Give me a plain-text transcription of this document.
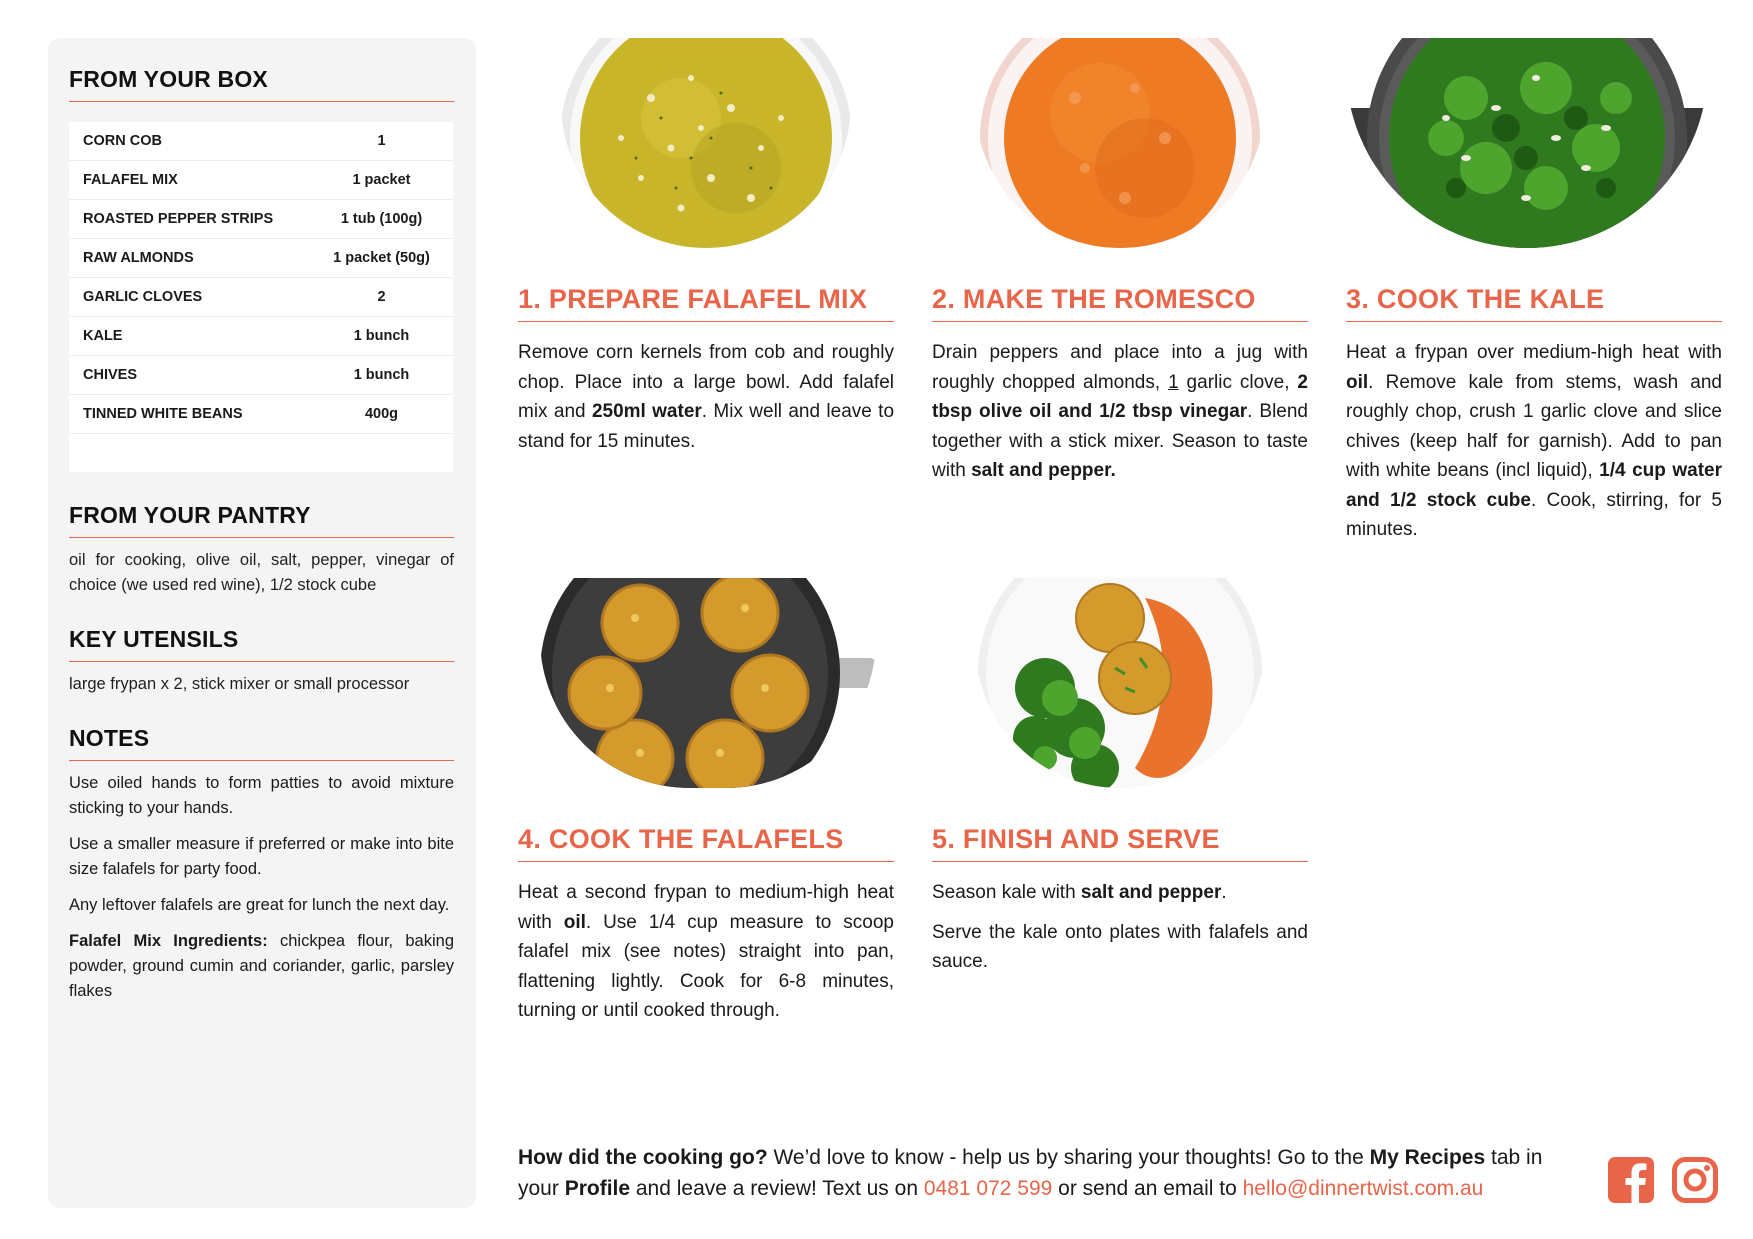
FROM YOUR BOX
CORN COB	1
FALAFEL MIX	1 packet
ROASTED PEPPER STRIPS	1 tub (100g)
RAW ALMONDS	1 packet (50g)
GARLIC CLOVES	2
KALE	1 bunch
CHIVES	1 bunch
TINNED WHITE BEANS	400g
FROM YOUR PANTRY

oil for cooking, olive oil, salt, pepper, vinegar of choice (we used red wine), 1/2 stock cube

KEY UTENSILS

large frypan x 2, stick mixer or small processor

NOTES

Use oiled hands to form patties to avoid mixture sticking to your hands.

Use a smaller measure if preferred or make into bite size falafels for party food.

Any leftover falafels are great for lunch the next day.

Falafel Mix Ingredients: chickpea flour, baking powder, ground cumin and coriander, garlic, parsley flakes

1. PREPARE FALAFEL MIX

Remove corn kernels from cob and roughly chop. Place into a large bowl. Add falafel mix and 250ml water. Mix well and leave to stand for 15 minutes.

2. MAKE THE ROMESCO

Drain peppers and place into a jug with roughly chopped almonds, 1 garlic clove, 2 tbsp olive oil and 1/2 tbsp vinegar. Blend together with a stick mixer. Season to taste with salt and pepper.

3. COOK THE KALE

Heat a frypan over medium-high heat with oil. Remove kale from stems, wash and roughly chop, crush 1 garlic clove and slice chives (keep half for garnish). Add to pan with white beans (incl liquid), 1/4 cup water and 1/2 stock cube. Cook, stirring, for 5 minutes.

4. COOK THE FALAFELS

Heat a second frypan to medium-high heat with oil. Use 1/4 cup measure to scoop falafel mix (see notes) straight into pan, flattening lightly. Cook for 6-8 minutes, turning or until cooked through.

5. FINISH AND SERVE

Season kale with salt and pepper.

Serve the kale onto plates with falafels and sauce.

How did the cooking go? We’d love to know - help us by sharing your thoughts! Go to the My Recipes tab in your Profile and leave a review! Text us on 0481 072 599 or send an email to hello@dinnertwist.com.au
